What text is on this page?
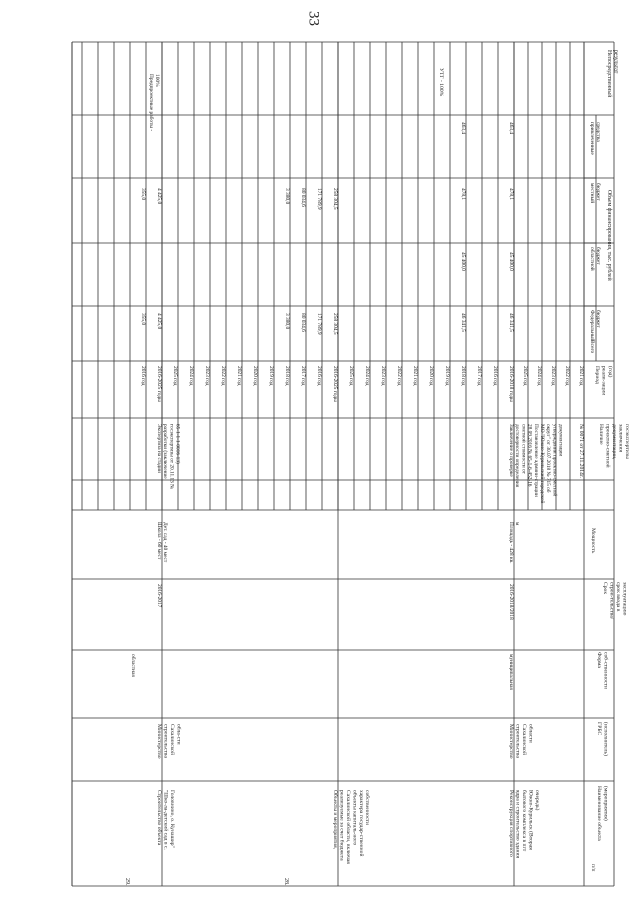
33
Непосредственныйрезультат
Объем финансирования, тыс. рублей
привлеченныесредства
местныйбюджет
областнойбюджет
Федеральныйбюджет
Всего
Периодреали-зации(год)
Наличиепроектно-сметнойдокументации,заключениягосэкспертизы
Мощность
Срокстрои-тельства/срок ввода вэксплуатацию
Формасоб-ственности
ГРБС(исполнитель)
Наименование объекта(мероприятия)
п/п
№ 0071 от 27.11.2014г.
2021 год
2022 год
2023 год
2024 год
2025 год
28.
Реконструкция спортивногоядра и строительство зданиябытового комплекса в пгтЮжно-Курильск (Втораяочередь)
МинистерствостроительстваСахалинскойобласти
муниципальная
2016-2018/2018
Площадь - 428 кв.м
Заключение о проверкедостоверности определениясметной стоимости от28.09.2016 № 65-1-6-452-16Постановление админи-страцииМО "Южно-Курильский городскойокруг" от 30.07.2018 № 715 обутверждении проектно-сметнойдокументации
2016-2018 годы
46 341,5
45 400,0
478,1
463,4
2016 год
2017 год
2018 год
46 341,5
45 400,0
478,1
463,4
2019 год
2020 год
2021 год
2022 год
2023 год
2024 год
2025 год
УТГ - 100%
Объекты и мероприятия,реализуемые за счет бюджетаСахалинской области, включаяобъекты капиталь-ногохарактера государ-ственнойсобственности
2016-2025 годы
258 304,5
258 304,5
2016 год
171 789,9
171 789,9
2017 год
80 034,6
80 034,6
2018 год
3 380,0
3 380,0
2019 год
2020 год
2021 год
2022 год
2023 год
2024 год
2025 год
29.
Строительство объекта"Шко-ла-детский сад в с.Головнино, о. Кунашир"
МинистерствостроительстваСахалинскойобла-сти
областная
2016-2017
Школа - 60 местДет. сад - 40 мест
Экспертиза на стадииразработки (заключениегосэкспертизы от 20.11.13 №65-1-1-1-0016-13)
2016-2025 годы
4 425,0
4 425,0
2016 год
355,0
355,0
Предпроектные работы -100%
